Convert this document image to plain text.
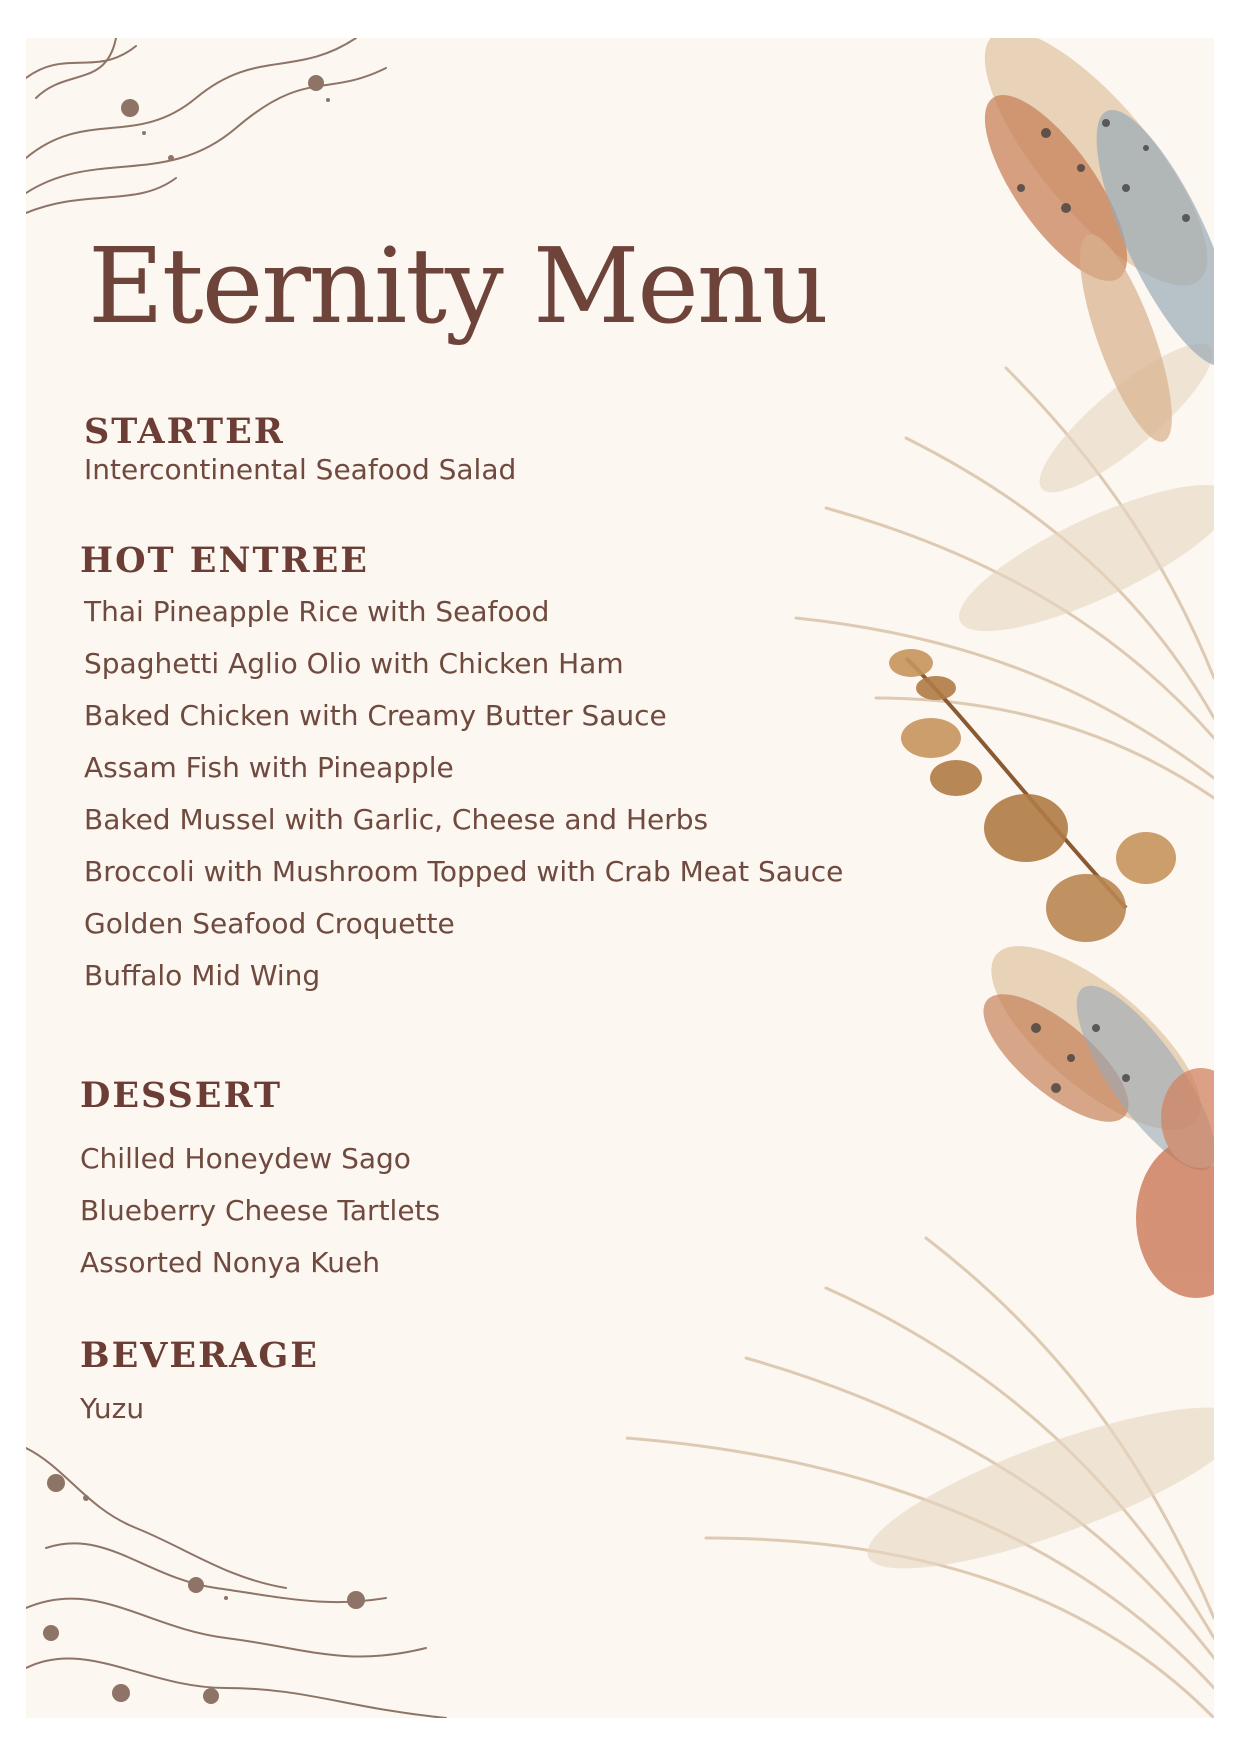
Eternity Menu
STARTER
Intercontinental Seafood Salad
HOT ENTREE
Thai Pineapple Rice with Seafood
Spaghetti Aglio Olio with Chicken Ham
Baked Chicken with Creamy Butter Sauce
Assam Fish with Pineapple
Baked Mussel with Garlic, Cheese and Herbs
Broccoli with Mushroom Topped with Crab Meat Sauce
Golden Seafood Croquette
Buffalo Mid Wing
DESSERT
Chilled Honeydew Sago
Blueberry Cheese Tartlets
Assorted Nonya Kueh
BEVERAGE
Yuzu
